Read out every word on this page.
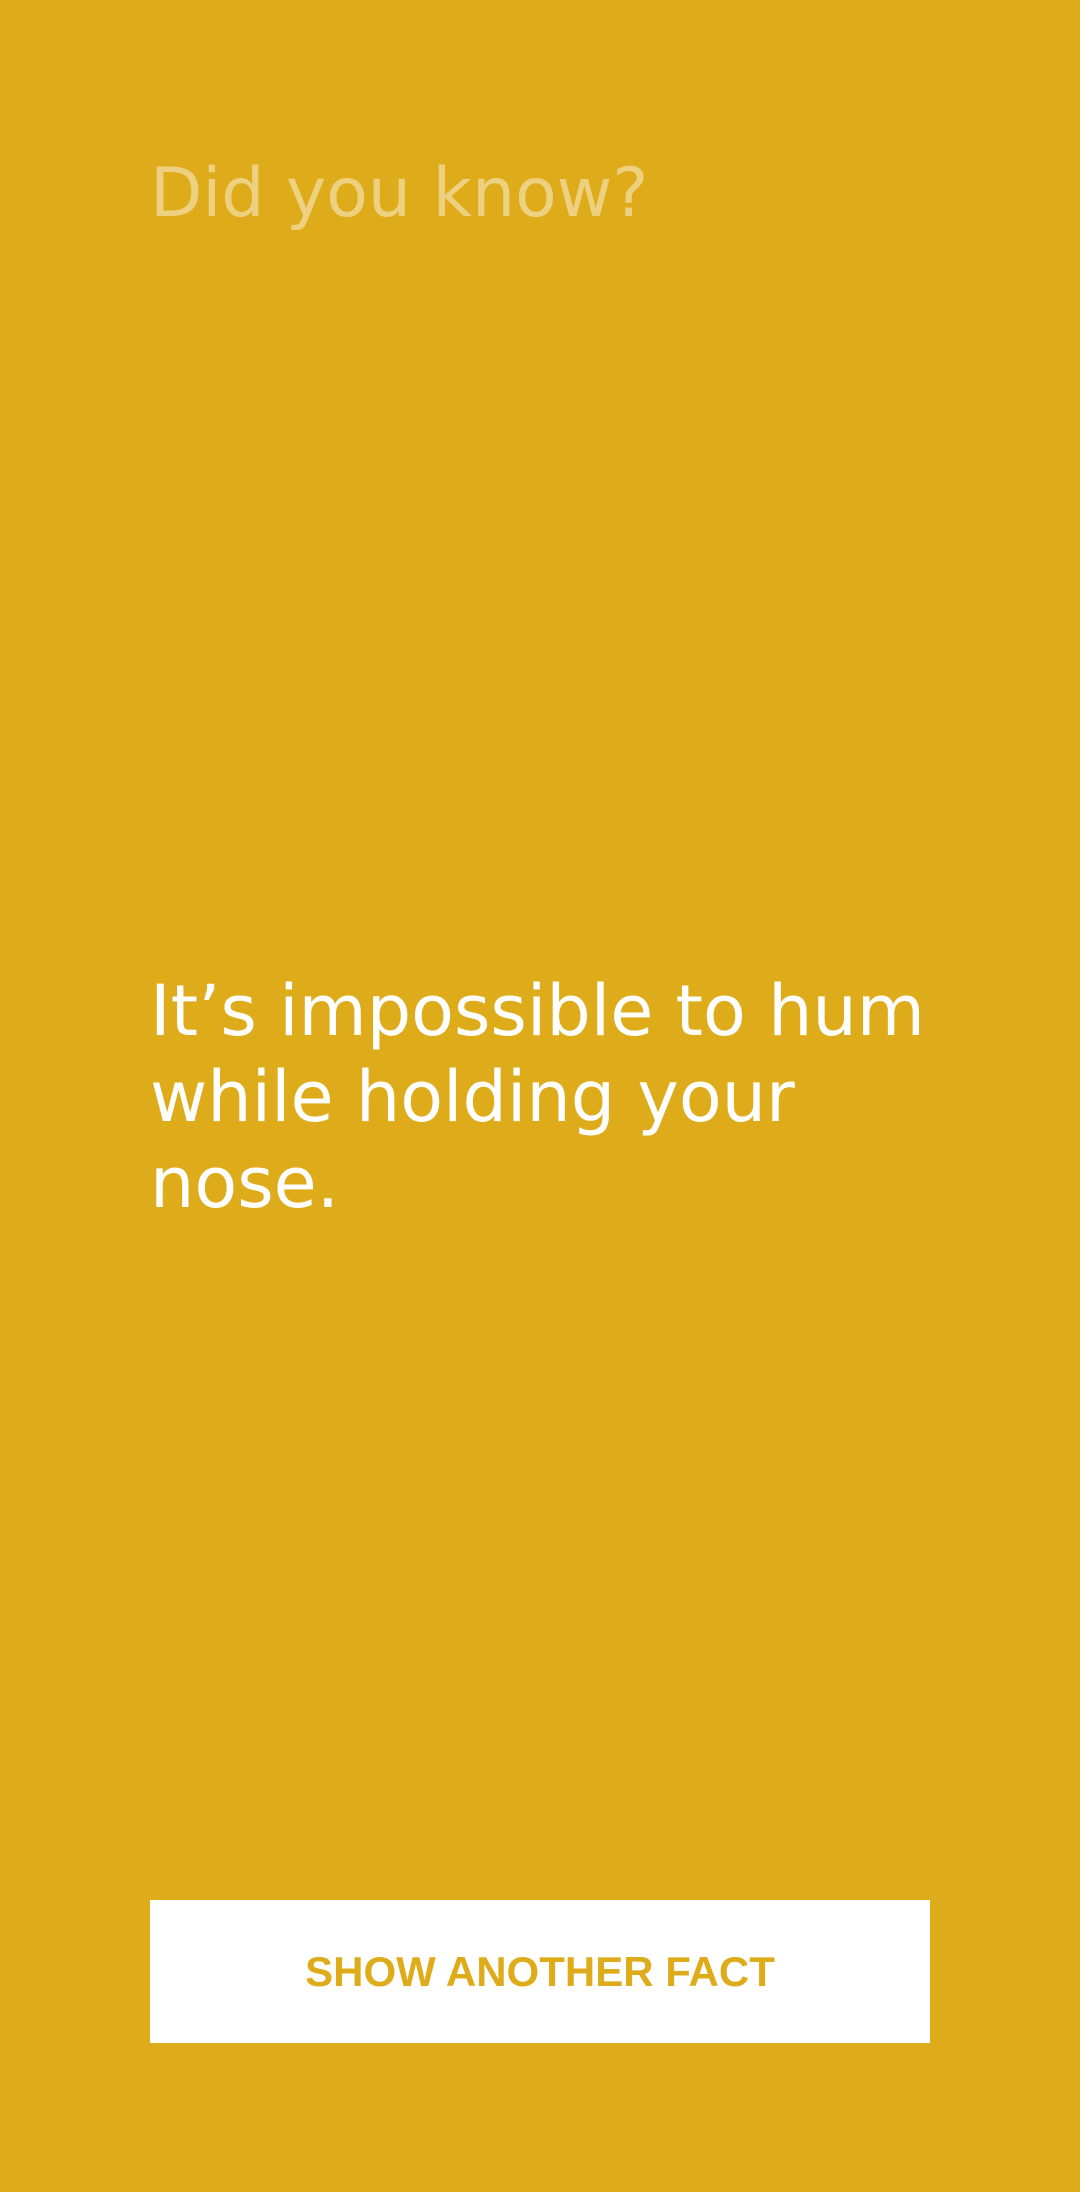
Did you know?
It’s impossible to hum while holding your nose.
SHOW ANOTHER FACT
